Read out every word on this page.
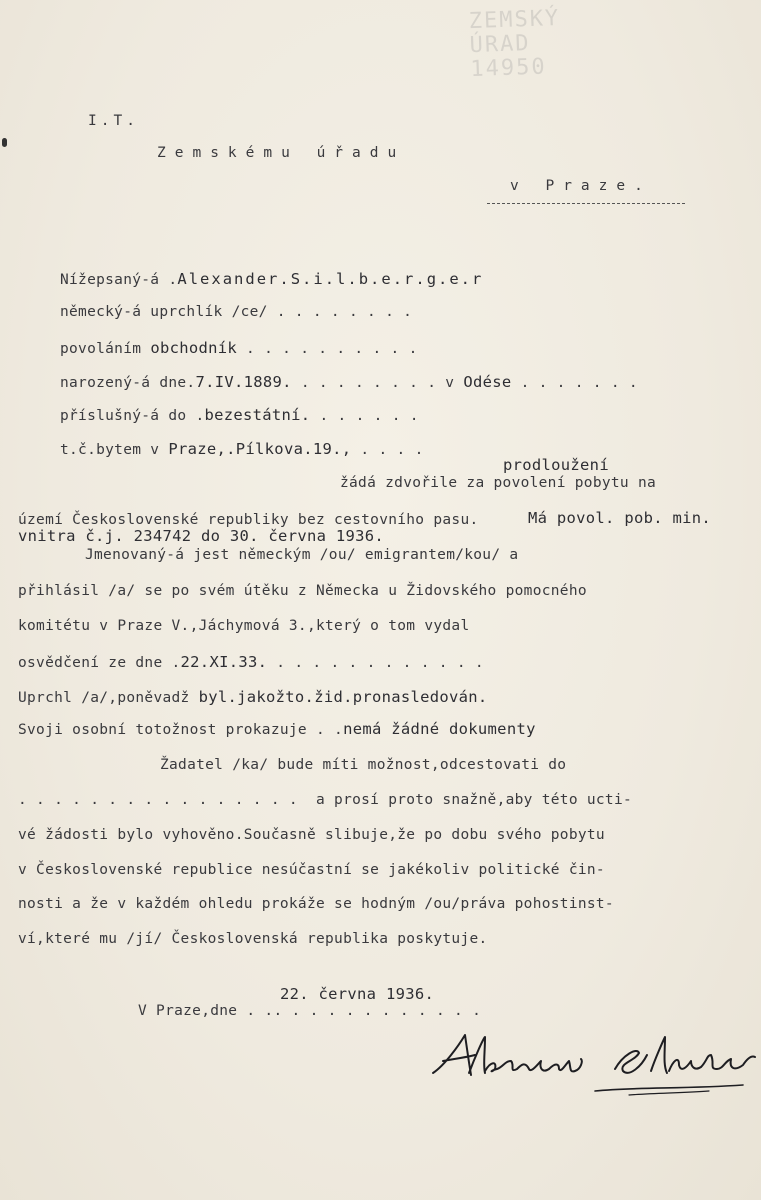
ZEMSKÝ
ÚRAD
14950
I.T.
Zemskému úřadu
v Praze.
Nížepsaný-á .Alexander.S.i.l.b.e.r.g.e.r
německý-á uprchlík /ce/ . . . . . . . .
povoláním obchodník . . . . . . . . . .
narozený-á dne.7.IV.1889. . . . . . . . . v Odése . . . . . . .
příslušný-á do .bezestátní. . . . . . .
t.č.bytem v Praze,.Pílkova.19., . . . .
prodloužení
žádá zdvořile za povolení pobytu na
území Československé republiky bez cestovního pasu.	Má povol. pob. min.
vnitra č.j. 234742 do 30. června 1936.
Jmenovaný-á jest německým /ou/ emigrantem/kou/ a
přihlásil /a/ se po svém útěku z Německa u Židovského pomocného
komitétu v Praze V.,Jáchymová 3.,který o tom vydal
osvědčení ze dne .22.XI.33. . . . . . . . . . . . .
Uprchl /a/,poněvadž byl.jakožto.žid.pronasledován.
Svoji osobní totožnost prokazuje . .nemá žádné dokumenty
Žadatel /ka/ bude míti možnost,odcestovati do
. . . . . . . . . . . . . . . . a prosí proto snažně,aby této ucti-
vé žádosti bylo vyhověno.Současně slibuje,že po dobu svého pobytu
v Československé republice nesúčastní se jakékoliv politické čin-
nosti a že v každém ohledu prokáže se hodným /ou/práva pohostinst-
ví,které mu /jí/ Československá republika poskytuje.
22. června 1936.
V Praze,dne . .. . . . . . . . . . . .
